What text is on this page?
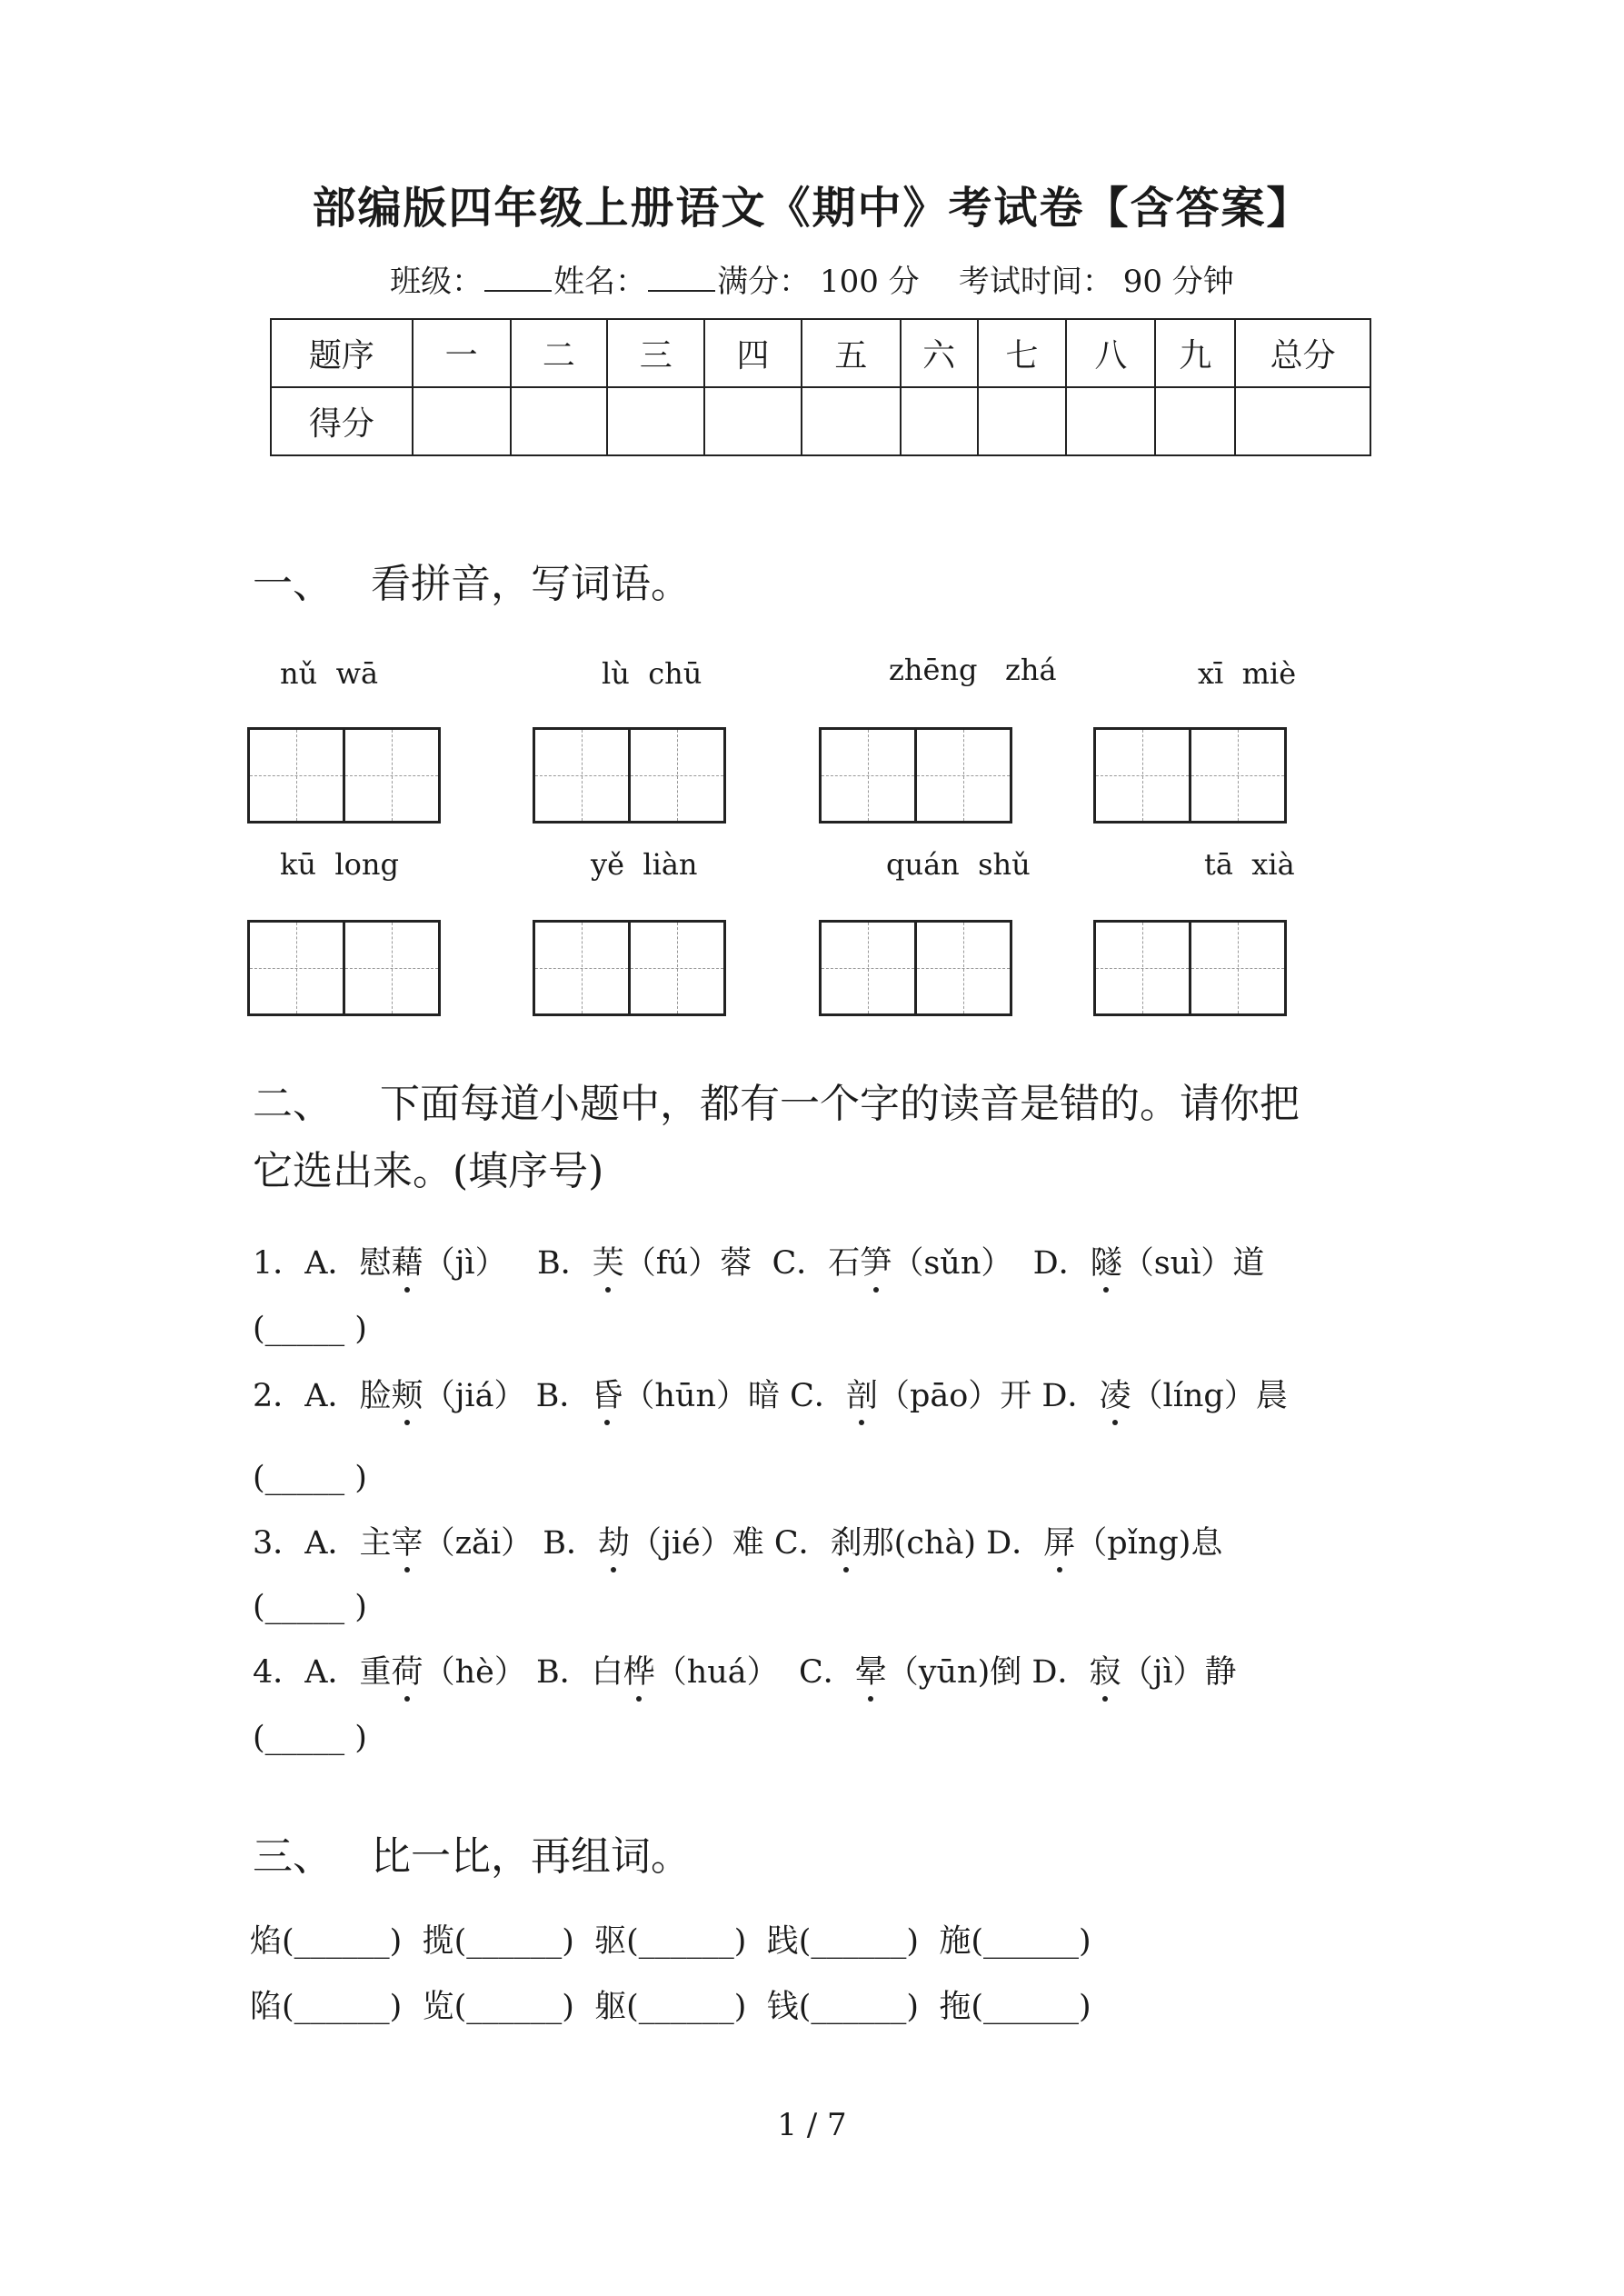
部编版四年级上册语文《期中》考试卷【含答案】
班级： 姓名： 满分： 100 分 考试时间： 90 分钟
题序	一	二	三	四	五	六	七	八	九	总分
得分										
一、 看拼音，写词语。
nǔ wā	lù chū	zhēng zhá	xī miè
kū long	yě liàn	quán shǔ	tā xià
二、 下面每道小题中，都有一个字的读音是错的。请你把
它选出来。(填序号)
1．A．慰藉（jì） B．芙（fú）蓉 C．石笋（sǔn） D．隧（suì）道
(_____ )
2．A．脸颊（jiá） B．昏（hūn）暗 C．剖（pāo）开 D．凌（líng）晨
(_____ )
3．A．主宰（zǎi） B．劫（jié）难 C．刹那(chà) D．屏（pǐng)息
(_____ )
4．A．重荷（hè） B．白桦（huá） C．晕（yūn)倒 D．寂（jì）静
(_____ )
三、 比一比，再组词。
焰(______) 揽(______) 驱(______) 践(______) 施(______)
陷(______) 览(______) 躯(______) 钱(______) 拖(______)
1 / 7
